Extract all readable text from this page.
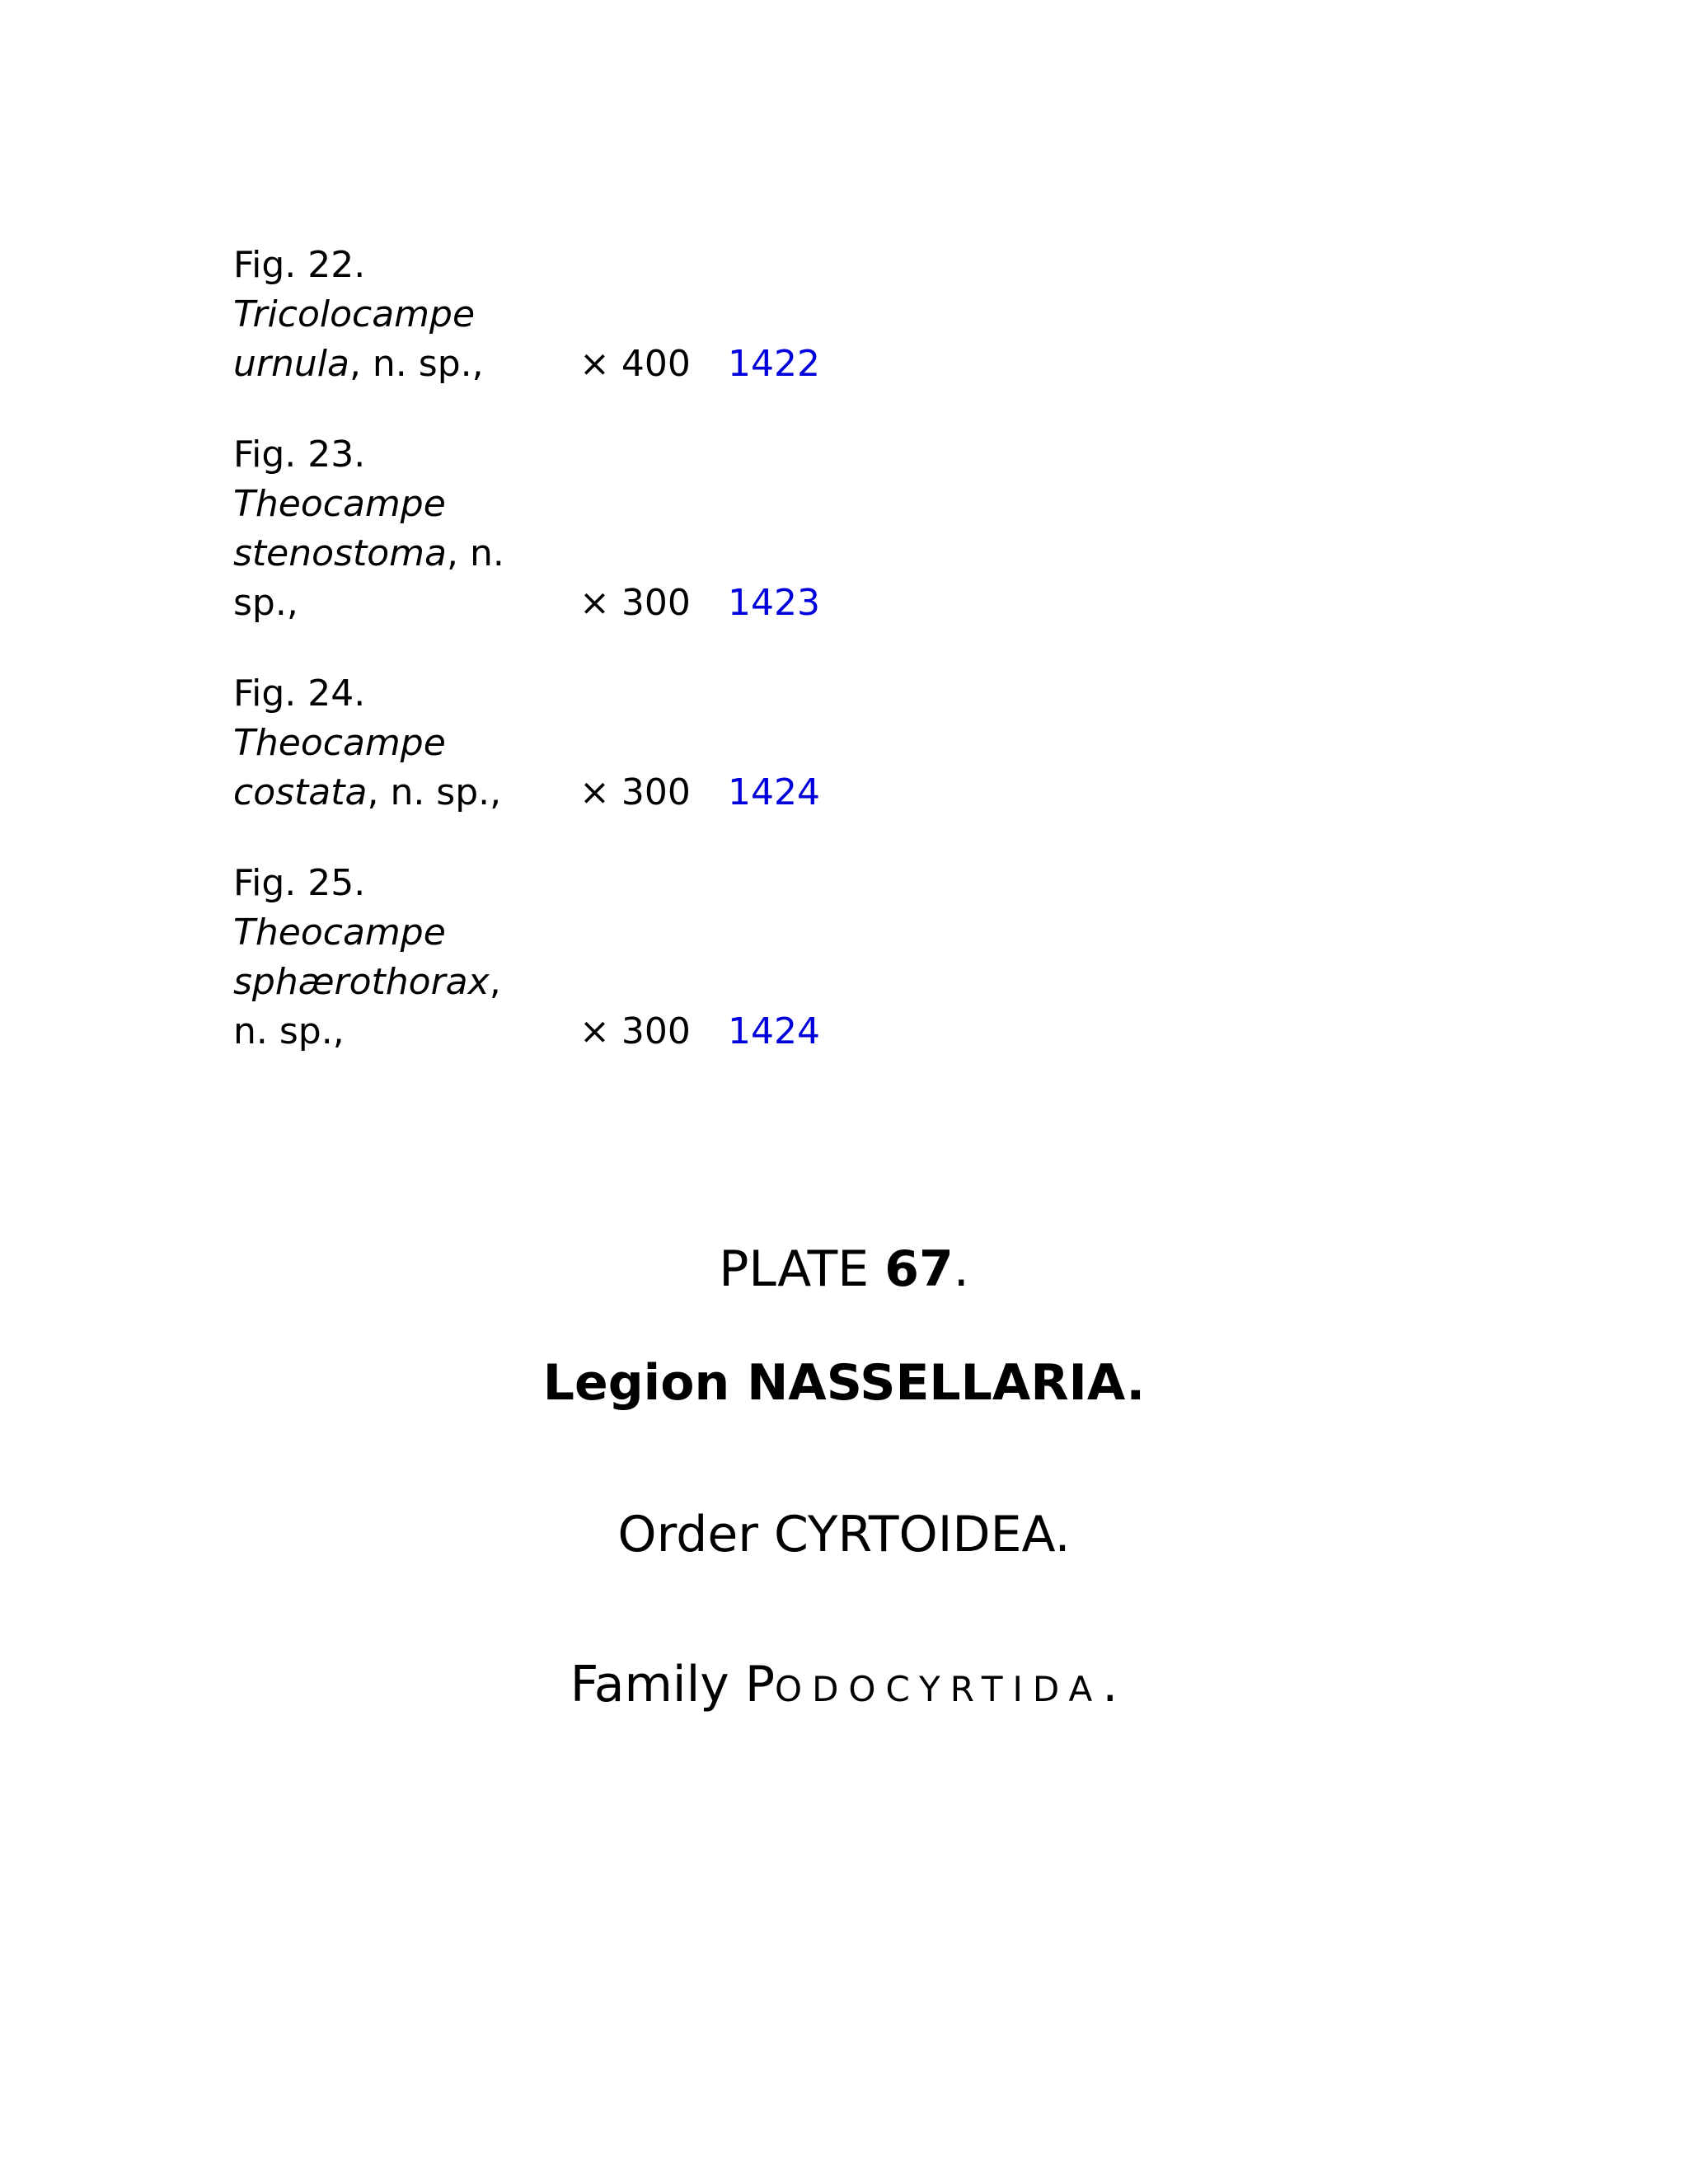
Fig. 22.
Tricolocampe
urnula, n. sp.,	× 400 1422
Fig. 23.
Theocampe
stenostoma, n.
sp.,	× 300 1423
Fig. 24.
Theocampe
costata, n. sp.,	× 300 1424
Fig. 25.
Theocampe
sphærothorax,
n. sp.,	× 300 1424
PLATE 67.
Legion NASSELLARIA.
Order CYRTOIDEA.
Family PODOCYRTIDA.
